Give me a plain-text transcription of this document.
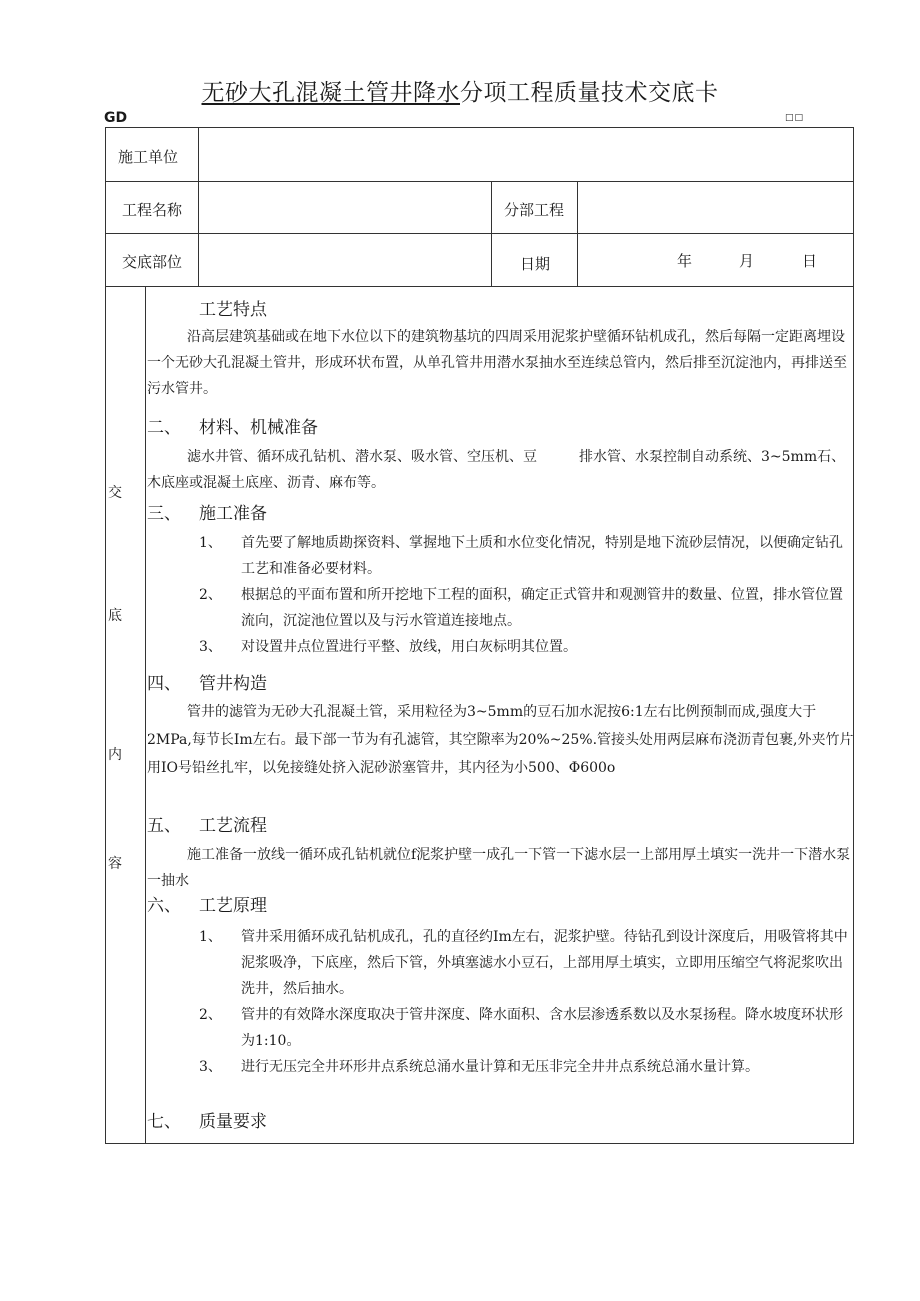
无砂大孔混凝土管井降水分项工程质量技术交底卡
GD	□□
施工单位
工程名称	分部工程
交底部位	日期	年	月	日
交
底
内
容

工艺特点

沿高层建筑基础或在地下水位以下的建筑物基坑的四周采用泥浆护壁循环钻机成孔，然后每隔一定距离埋设一个无砂大孔混凝土管井，形成环状布置，从单孔管井用潜水泵抽水至连续总管内，然后排至沉淀池内，再排送至污水管井。

二、 材料、机械准备

滤水井管、循环成孔钻机、潜水泵、吸水管、空压机、豆　　　排水管、水泵控制自动系统、3~5mm石、木底座或混凝土底座、沥青、麻布等。

三、 施工准备

1、 首先要了解地质勘探资料、掌握地下土质和水位变化情况，特别是地下流砂层情况，以便确定钻孔工艺和准备必要材料。

2、 根据总的平面布置和所开挖地下工程的面积，确定正式管井和观测管井的数量、位置，排水管位置流向，沉淀池位置以及与污水管道连接地点。

3、 对设置井点位置进行平整、放线，用白灰标明其位置。

四、 管井构造

管井的滤管为无砂大孔混凝土管，采用粒径为3~5mm的豆石加水泥按6:1左右比例预制而成,强度大于2MPa,每节长Im左右。最下部一节为有孔滤管，其空隙率为20%~25%.管接头处用两层麻布浇沥青包裹,外夹竹片用IO号铅丝扎牢，以免接缝处挤入泥砂淤塞管井，其内径为小500、Φ600o

五、 工艺流程

施工准备一放线一循环成孔钻机就位f泥浆护壁一成孔一下管一下滤水层一上部用厚土填实一洗井一下潜水泵一抽水

六、 工艺原理

1、 管井采用循环成孔钻机成孔，孔的直径约Im左右，泥浆护壁。待钻孔到设计深度后，用吸管将其中泥浆吸净，下底座，然后下管，外填塞滤水小豆石，上部用厚土填实，立即用压缩空气将泥浆吹出洗井，然后抽水。

2、 管井的有效降水深度取决于管井深度、降水面积、含水层渗透系数以及水泵扬程。降水坡度环状形为1:10。

3、 进行无压完全井环形井点系统总涌水量计算和无压非完全井井点系统总涌水量计算。

七、 质量要求
